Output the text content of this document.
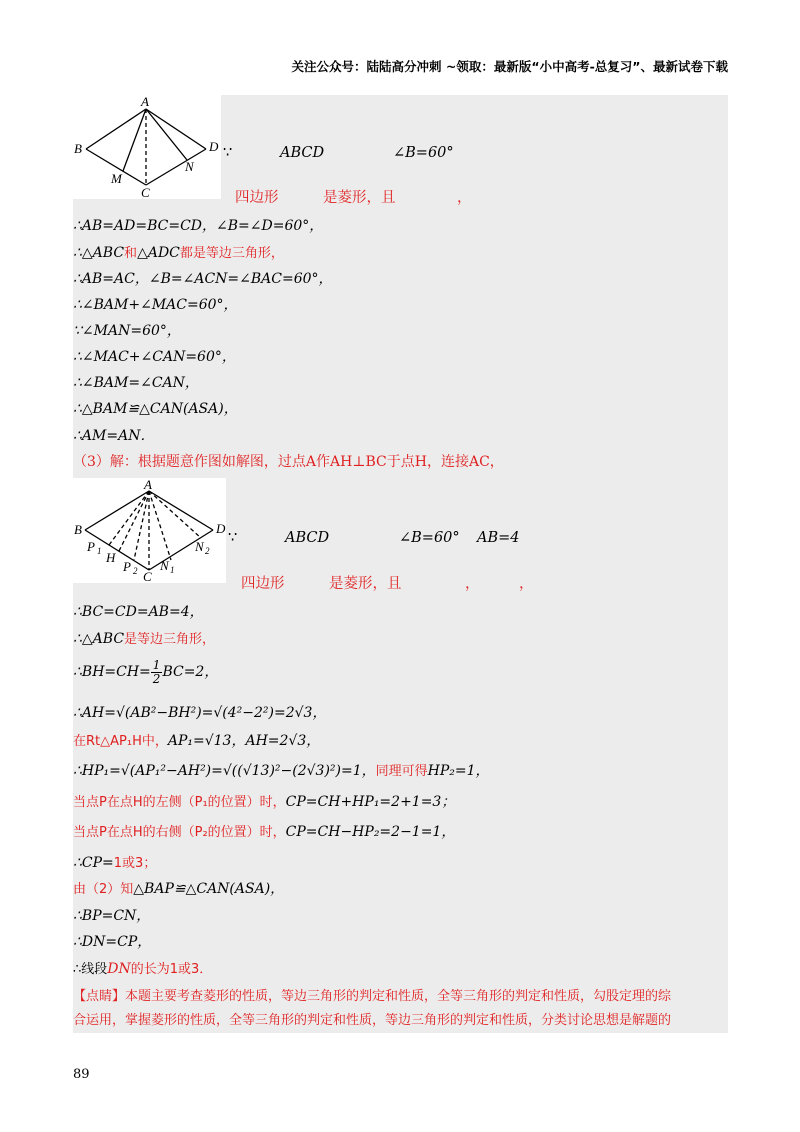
关注公众号：陆陆高分冲刺 ~领取：最新版“小中高考-总复习”、最新试卷下载
A
B	D
C
M
N
∵	ABCD	∠B=60°
四边形	是菱形，且	，
∴AB=AD=BC=CD，∠B=∠D=60°，
∴△ABC和△ADC都是等边三角形，
∴AB=AC，∠B=∠ACN=∠BAC=60°，
∴∠BAM+∠MAC=60°，
∵∠MAN=60°，
∴∠MAC+∠CAN=60°，
∴∠BAM=∠CAN，
∴△BAM≌△CAN(ASA)，
∴AM=AN．
（3）解：根据题意作图如解图，过点A作AH⊥BC于点H，连接AC，
A
B	D
C
H
P 1
P 2 N 1
N 2
∵	ABCD	∠B=60° AB=4
四边形	是菱形，且	，	，
∴BC=CD=AB=4，
∴△ABC是等边三角形，
∴BH=CH= $\frac{1}{2} BC=2$，
∴AH=√(AB²−BH²)=√(4²−2²)=2√3，
在Rt△AP₁H中，AP₁=√13，AH=2√3，
∴HP₁=√(AP₁²−AH²)=√((√13)²−(2√3)²)=1，同理可得HP₂=1，
当点P在点H的左侧（P₁的位置）时，CP=CH+HP₁=2+1=3；
当点P在点H的右侧（P₂的位置）时，CP=CH−HP₂=2−1=1，
∴CP=1或3；
由（2）知△BAP≌△CAN(ASA)，
∴BP=CN，
∴DN=CP，
∴线段DN的长为1或3．
【点睛】本题主要考查菱形的性质，等边三角形的判定和性质，全等三角形的判定和性质，勾股定理的综
合运用，掌握菱形的性质，全等三角形的判定和性质，等边三角形的判定和性质，分类讨论思想是解题的
89
